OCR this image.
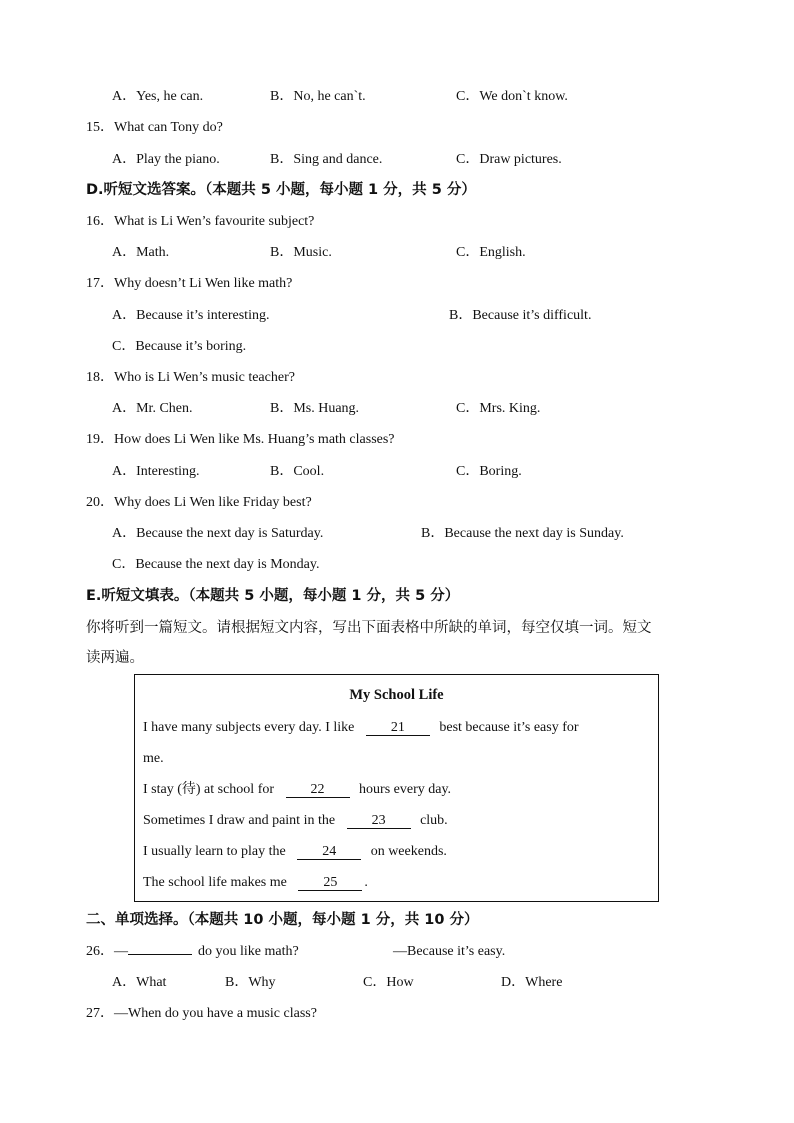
A．Yes, he can.	B．No, he can`t.	C．We don`t know.
15．What can Tony do?
A．Play the piano.	B．Sing and dance.	C．Draw pictures.
D.听短文选答案。（本题共 5 小题，每小题 1 分，共 5 分）
16．What is Li Wen’s favourite subject?
A．Math.	B．Music.	C．English.
17．Why doesn’t Li Wen like math?
A．Because it’s interesting.	B．Because it’s difficult.
C．Because it’s boring.
18．Who is Li Wen’s music teacher?
A．Mr. Chen.	B．Ms. Huang.	C．Mrs. King.
19．How does Li Wen like Ms. Huang’s math classes?
A．Interesting.	B．Cool.	C．Boring.
20．Why does Li Wen like Friday best?
A．Because the next day is Saturday.	B．Because the next day is Sunday.
C．Because the next day is Monday.
E.听短文填表。（本题共 5 小题，每小题 1 分，共 5 分）
你将听到一篇短文。请根据短文内容，写出下面表格中所缺的单词，每空仅填一词。短文
读两遍。
My School Life
I have many subjects every day. I like	21 best because it’s easy for
me.
I stay (待) at school for	22 hours every day.
Sometimes I draw and paint in the	23 club.
I usually learn to play the	24 on weekends.
The school life makes me	25 .
二、单项选择。（本题共 10 小题，每小题 1 分，共 10 分）
26．—	do you like math?	—Because it’s easy.
A．What	B．Why	C．How	D．Where
27．—When do you have a music class?
